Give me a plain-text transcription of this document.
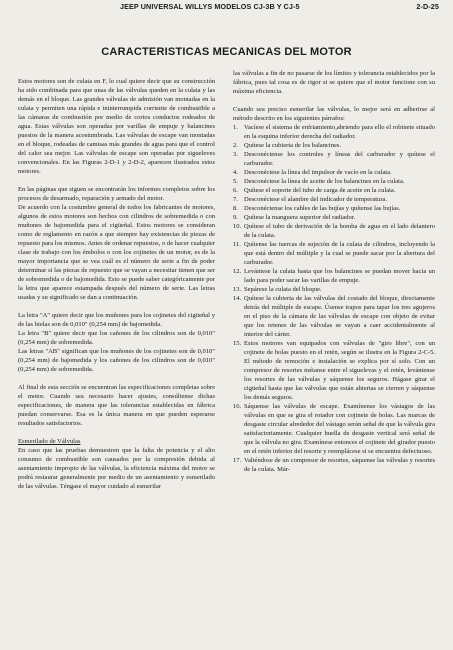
JEEP UNIVERSAL WILLYS MODELOS CJ-3B Y CJ-5	2-D-25
CARACTERISTICAS MECANICAS DEL MOTOR

Estos motores son de culata en F, lo cual quiere decir que su construcción ha sido combinada para que unas de las válvulas queden en la culata y las demás en el bloque. Las grandes válvulas de admisión van montadas en la culata y permiten una rápida e ininterrumpida corriente de combustible a las cámaras de combustión por medio de cortos conductos rodeados de agua. Estas válvulas son operadas por varillas de empuje y balancines puestos de la manera acostumbrada. Las válvulas de escape van montadas en el bloque, rodeadas de camisas más grandes de agua para que el control del calor sea mejor. Las válvulas de escape son operadas por sigueleves convencionales. En las Figuras 2-D-1 y 2-D-2, aparecen ilustrados estos motores.

En las páginas que siguen se encontrarán los informes completos sobre los procesos de desarmado, reparación y armado del motor.

De acuerdo con la costumbre general de todos los fabricantes de motores, algunos de estos motores son hechos con cilindros de sobremedida o con muñones de bajomedida para el cigüeñal. Estos motores se consideran como de reglamento en razón a que siempre hay existencias de piezas de repuesto para los mismos. Antes de ordenar repuestos, o de hacer cualquier clase de trabajo con los émbolos o con los cojinetes de un motor, es de la mayor importancia que se vea cuál es el número de serie a fin de poder determinar si las piezas de repuesto que se vayan a necesitar tienen que ser de sobremedida o de bajomedida. Esto se puede saber categóricamente por la letra que aparece estampada después del número de serie. Las letras usadas y su significado se dan a continuación.

La letra "A" quiere decir que los muñones para los cojinetes del cigüeñal y de las bielas son de 0,010" (0,254 mm) de bajomedida.

La letra "B" quiere decir que los cañones de los cilindros son de 0,010" (0,254 mm) de sobremedida.

Las letras "AB" significan que los muñones de los cojinetes son de 0,010" (0,254 mm) de bajomedida y los cañones de los cilindros son de 0,010" (0,254 mm) de sobremedida.

Al final de esta sección se encuentran las especificaciones completas sobre el motor. Cuando sea necesario hacer ajustes, consúltense dichas especificaciones, de manera que las tolerancias establecidas en fábrica puedan conservarse. Esa es la única manera en que pueden esperarse resultados satisfactorios.

Esmerilado de Válvulas

En caso que las pruebas demuestren que la falta de potencia y el alto consumo de combustible son causados por la compresión debida al asentamiento impropio de las válvulas, la eficiencia máxima del motor se podrá restaurar generalmente por medio de un asentamiento y esmerilado de las válvulas. Téngase el mayor cuidado al esmerilar

las válvulas a fin de no pasarse de los límites y tolerancia establecidos por la fábrica, pues tal cosa es de rigor si se quiere que el motor funcione con su máxima eficiencia.

Cuando sea preciso esmerilar las válvulas, lo mejor será en adherirse al método descrito en los siguientes párrafos:

1. Vacíese el sistema de enfriamiento,abriendo para ello el robinete situado en la esquina inferior derecha del radiador.
2. Quítese la cubierta de los balancines.
3. Desconéctense los controles y líneas del carburador y quítese el carburador.
4. Desconéctese la línea del impulsor de vacío en la culata.
5. Desconéctese la línea de aceite de los balancines en la culata.
6. Quítese el soporte del tubo de carga de aceite en la culata.
7. Desconéctese el alambre del indicador de temperatura.
8. Desconéctense los cables de las bujías y quítense las bujías.
9. Quítese la manguera superior del radiador.
10. Quítese el tubo de derivación de la bomba de agua en el lado delantero de la culata.
11. Quítense las tuercas de sujeción de la culata de cilindros, incluyendo la que está dentro del múltiple y la cual se puede sacar por la abertura del carburador.
12. Levántese la culata hasta que los balancines se puedan mover hacia un lado para poder sacar las varillas de empuje.
13. Sepárese la culata del bloque.
14. Quítese la cubierta de las válvulas del costado del bloque, directamente detrás del múltiple de escape. Úsense trapos para tapar los tres agujeros en el piso de la cámara de las válvulas de escape con objeto de evitar que los retenes de las válvulas se vayan a caer accidentalmente al interior del cárter.
15. Estos motores van equipados con válvulas de "giro libre", con un cojinete de bolas puesto en el retén, según se ilustra en la Figura 2-C-5. El método de remoción e instalación se explica por sí solo. Con un compresor de resortes métanse entre el siguelevas y el retén, levántense los resortes de las válvulas y sáquense los seguros. Hágase girar el cigüeñal hasta que las válvulas que están abiertas se cierren y sáquense los demás seguros.
16. Sáquense las válvulas de escape. Examínense los vástagos de las válvulas en que se gira el rotador con cojinete de bolas. Las marcas de desgaste circular alrededor del vástago serán señal de que la válvula gira satisfactoriamente. Cualquier huella de desgaste vertical será señal de que la válvula no gira. Examínese entonces el cojinete del girador puesto en el retén inferior del resorte y reemplácese si se encuentra defectuoso.
17. Valiéndose de un compresor de resortes, sáquense las válvulas y resortes de la culata. Már-
